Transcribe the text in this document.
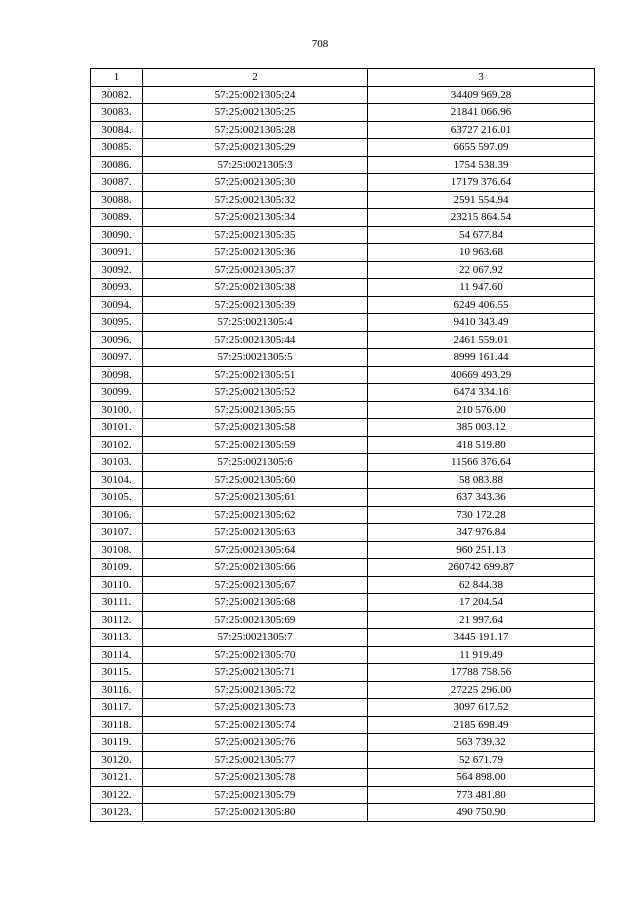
708
1	2	3
30082.	57:25:0021305:24	34409 969.28
30083.	57:25:0021305:25	21841 066.96
30084.	57:25:0021305:28	63727 216.01
30085.	57:25:0021305:29	6655 597.09
30086.	57:25:0021305:3	1754 538.39
30087.	57:25:0021305:30	17179 376.64
30088.	57:25:0021305:32	2591 554.94
30089.	57:25:0021305:34	23215 864.54
30090.	57:25:0021305:35	54 677.84
30091.	57:25:0021305:36	10 963.68
30092.	57:25:0021305:37	22 067.92
30093.	57:25:0021305:38	11 947.60
30094.	57:25:0021305:39	6249 406.55
30095.	57:25:0021305:4	9410 343.49
30096.	57:25:0021305:44	2461 559.01
30097.	57:25:0021305:5	8999 161.44
30098.	57:25:0021305:51	40669 493.29
30099.	57:25:0021305:52	6474 334.16
30100.	57:25:0021305:55	210 576.00
30101.	57:25:0021305:58	385 003.12
30102.	57:25:0021305:59	418 519.80
30103.	57:25:0021305:6	11566 376.64
30104.	57:25:0021305:60	58 083.88
30105.	57:25:0021305:61	637 343.36
30106.	57:25:0021305:62	730 172.28
30107.	57:25:0021305:63	347 976.84
30108.	57:25:0021305:64	960 251.13
30109.	57:25:0021305:66	260742 699.87
30110.	57:25:0021305:67	62 844.38
30111.	57:25:0021305:68	17 204.54
30112.	57:25:0021305:69	21 997.64
30113.	57:25:0021305:7	3445 191.17
30114.	57:25:0021305:70	11 919.49
30115.	57:25:0021305:71	17788 758.56
30116.	57:25:0021305:72	27225 296.00
30117.	57:25:0021305:73	3097 617.52
30118.	57:25:0021305:74	2185 698.49
30119.	57:25:0021305:76	563 739.32
30120.	57:25:0021305:77	52 671.79
30121.	57:25:0021305:78	564 898.00
30122.	57:25:0021305:79	773 481.80
30123.	57:25:0021305:80	490 750.90
